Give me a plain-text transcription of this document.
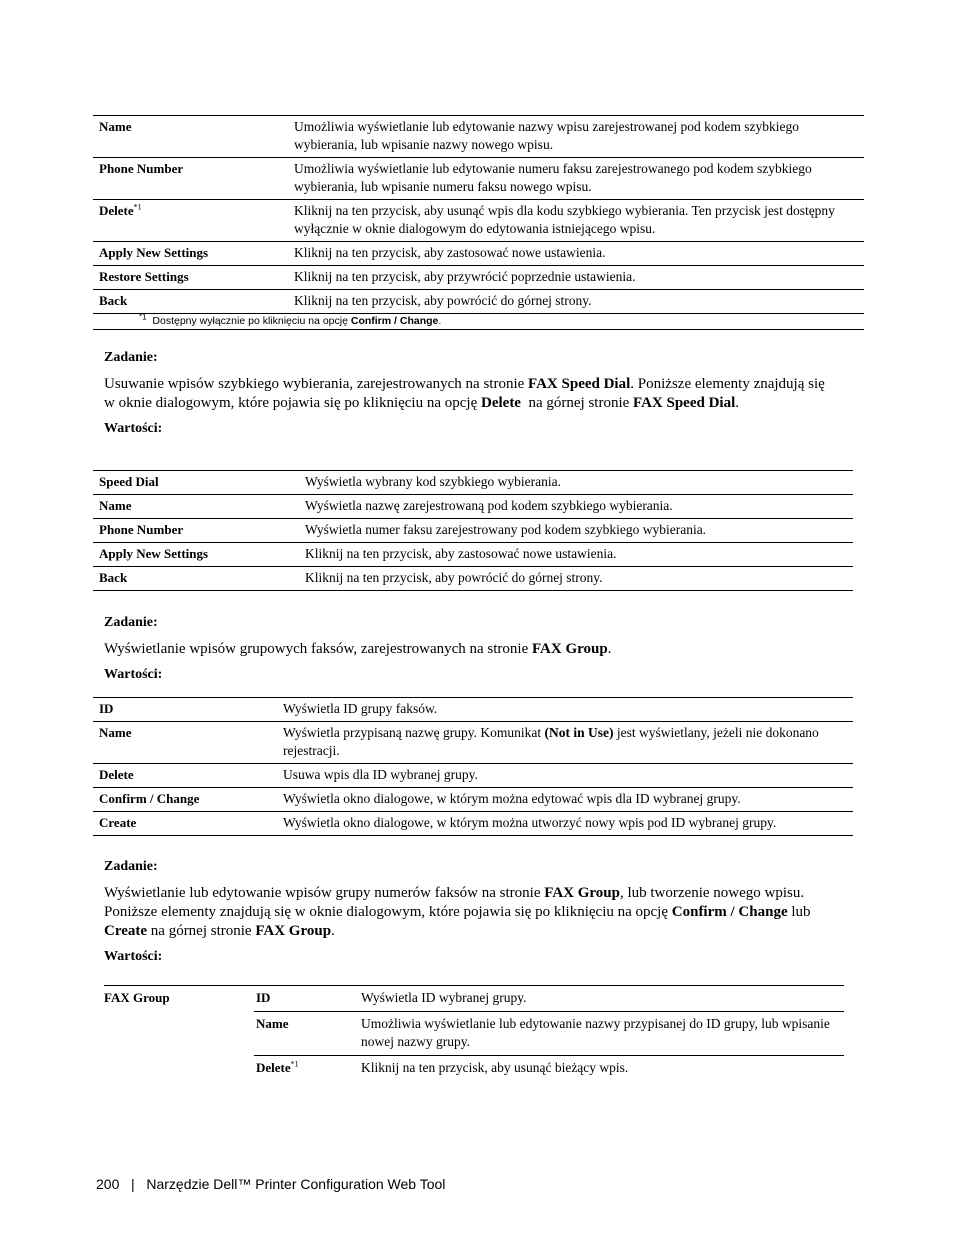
Name	Umożliwia wyświetlanie lub edytowanie nazwy wpisu zarejestrowanej pod kodem szybkiego wybierania, lub wpisanie nazwy nowego wpisu.
Phone Number	Umożliwia wyświetlanie lub edytowanie numeru faksu zarejestrowanego pod kodem szybkiego wybierania, lub wpisanie numeru faksu nowego wpisu.
Delete$^{*1}$	Kliknij na ten przycisk, aby usunąć wpis dla kodu szybkiego wybierania. Ten przycisk jest dostępny wyłącznie w oknie dialogowym do edytowania istniejącego wpisu.
Apply New Settings	Kliknij na ten przycisk, aby zastosować nowe ustawienia.
Restore Settings	Kliknij na ten przycisk, aby przywrócić poprzednie ustawienia.
Back	Kliknij na ten przycisk, aby powrócić do górnej strony.
$^{*1}$ Dostępny wyłącznie po kliknięciu na opcję Confirm / Change.	

Zadanie:

Usuwanie wpisów szybkiego wybierania, zarejestrowanych na stronie FAX Speed Dial. Poniższe elementy znajdują się w oknie dialogowym, które pojawia się po kliknięciu na opcję Delete  na górnej stronie FAX Speed Dial.

Wartości:

Speed Dial	Wyświetla wybrany kod szybkiego wybierania.
Name	Wyświetla nazwę zarejestrowaną pod kodem szybkiego wybierania.
Phone Number	Wyświetla numer faksu zarejestrowany pod kodem szybkiego wybierania.
Apply New Settings	Kliknij na ten przycisk, aby zastosować nowe ustawienia.
Back	Kliknij na ten przycisk, aby powrócić do górnej strony.

Zadanie:

Wyświetlanie wpisów grupowych faksów, zarejestrowanych na stronie FAX Group.

Wartości:

ID	Wyświetla ID grupy faksów.
Name	Wyświetla przypisaną nazwę grupy. Komunikat (Not in Use) jest wyświetlany, jeżeli nie dokonano rejestracji.
Delete	Usuwa wpis dla ID wybranej grupy.
Confirm / Change	Wyświetla okno dialogowe, w którym można edytować wpis dla ID wybranej grupy.
Create	Wyświetla okno dialogowe, w którym można utworzyć nowy wpis pod ID wybranej grupy.

Zadanie:

Wyświetlanie lub edytowanie wpisów grupy numerów faksów na stronie FAX Group, lub tworzenie nowego wpisu. Poniższe elementy znajdują się w oknie dialogowym, które pojawia się po kliknięciu na opcję Confirm / Change lub Create na górnej stronie FAX Group.

Wartości:

FAX Group	ID	Wyświetla ID wybranej grupy.
Name	Umożliwia wyświetlanie lub edytowanie nazwy przypisanej do ID grupy, lub wpisanie nowej nazwy grupy.
Delete$^{*1}$	Kliknij na ten przycisk, aby usunąć bieżący wpis.
200 | Narzędzie Dell™ Printer Configuration Web Tool
